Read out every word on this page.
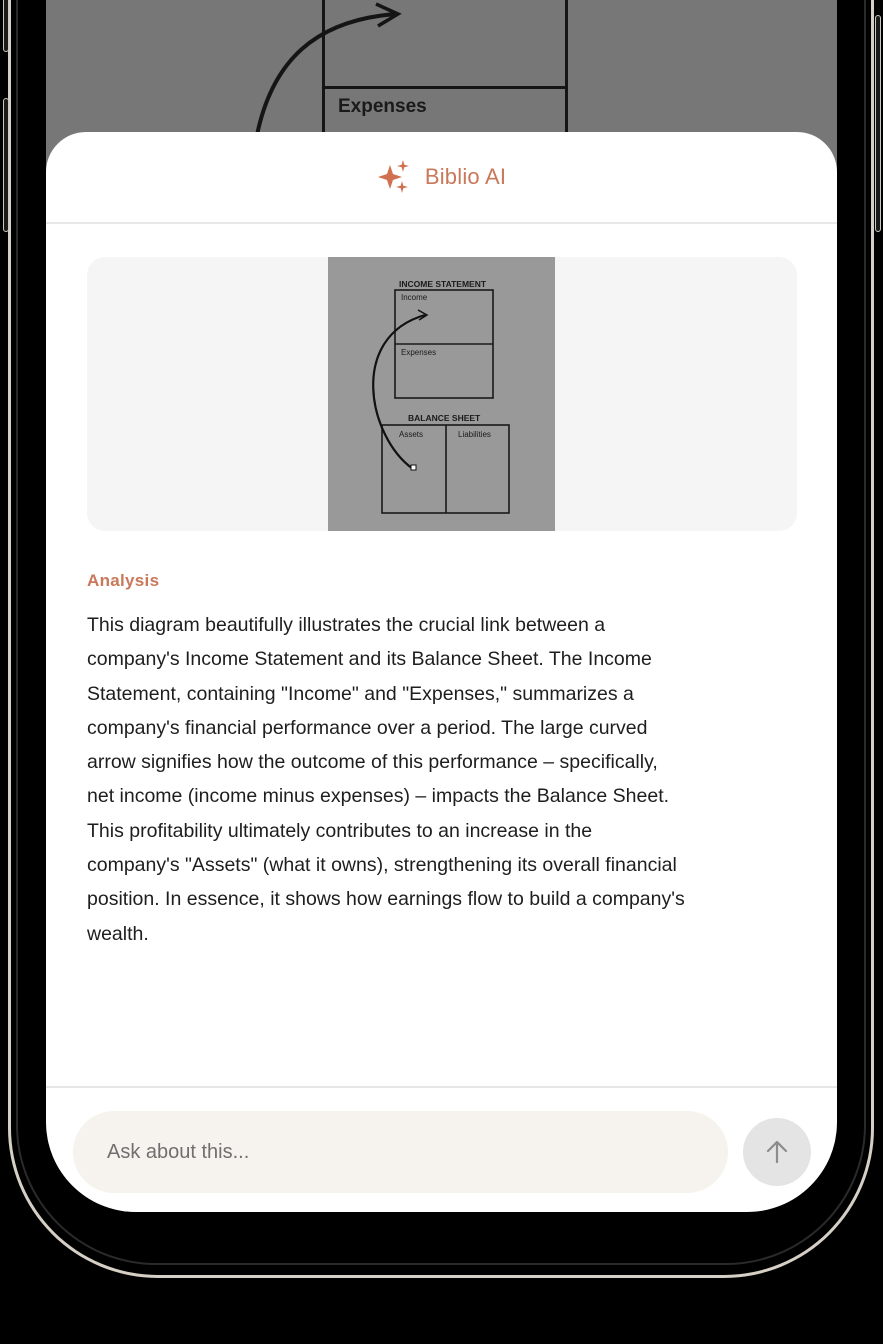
Expenses
Biblio AI
INCOME STATEMENT
Income
Expenses
BALANCE SHEET
Assets	Liabilities
Analysis
This diagram beautifully illustrates the crucial link between a
company's Income Statement and its Balance Sheet. The Income
Statement, containing "Income" and "Expenses," summarizes a
company's financial performance over a period. The large curved
arrow signifies how the outcome of this performance – specifically,
net income (income minus expenses) – impacts the Balance Sheet.
This profitability ultimately contributes to an increase in the
company's "Assets" (what it owns), strengthening its overall financial
position. In essence, it shows how earnings flow to build a company's
wealth.
Ask about this...
